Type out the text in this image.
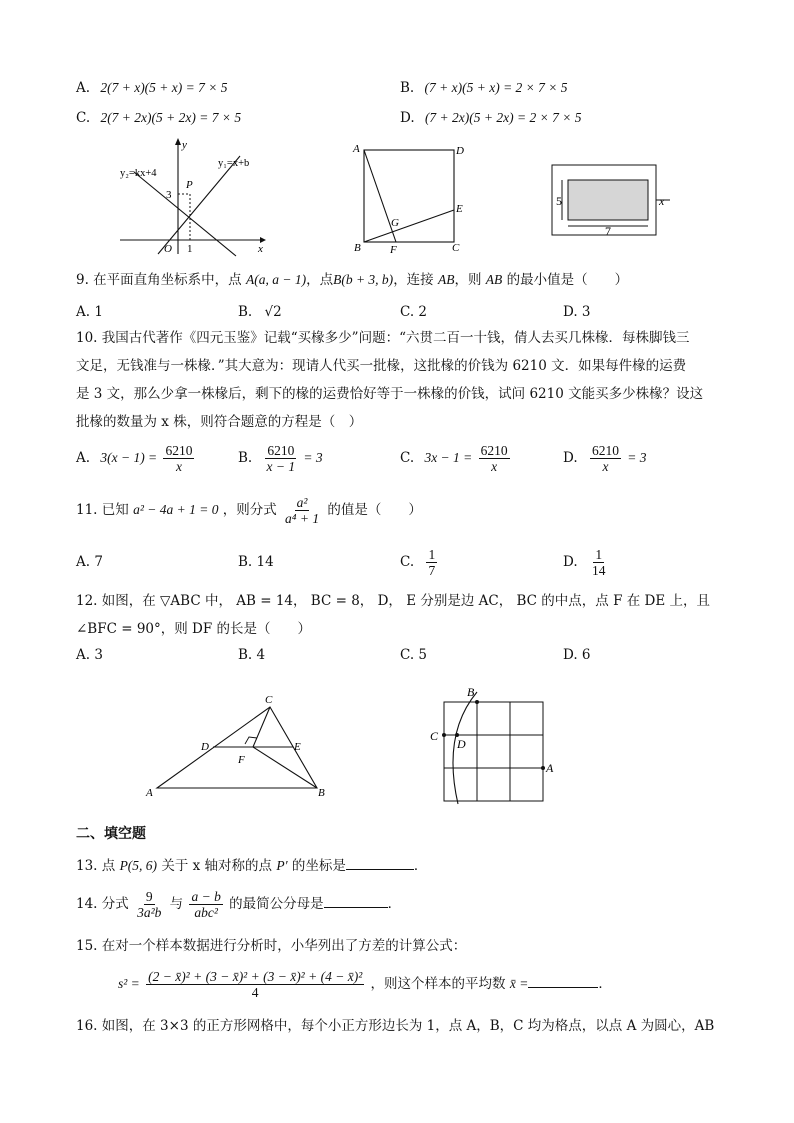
A. 2(7 + x)(5 + x) = 7 × 5	B. (7 + x)(5 + x) = 2 × 7 × 5
C. 2(7 + 2x)(5 + 2x) = 7 × 5	D. (7 + 2x)(5 + 2x) = 2 × 7 × 5
y₂=kx+4
y₁=x+b
P
3
O 1	x
y	A	D
E
G
B	F	C
5
7
x
9. 在平面直角坐标系中，点 A(a, a − 1)，点B(b + 3, b)，连接 AB，则 AB 的最小值是（　　）
A. 1	B. √2	C. 2	D. 3
10. 我国古代著作《四元玉鉴》记载“买椽多少”问题：“六贯二百一十钱，倩人去买几株椽．每株脚钱三
文足，无钱准与一株椽．”其大意为：现请人代买一批椽，这批椽的价钱为 6210 文．如果每件椽的运费
是 3 文，那么少拿一株椽后，剩下的椽的运费恰好等于一株椽的价钱，试问 6210 文能买多少株椽？设这
批椽的数量为 x 株，则符合题意的方程是（　）
A. $3(x - 1) = \frac{6210}{x}$	B. $\frac{6210}{x - 1} = 3$	C. $3x - 1 = \frac{6210}{x}$	D. $\frac{6210}{x} = 3$
11. 已知 a² − 4a + 1 = 0 ，则分式 $\frac{\text{a²}}{\text{a⁴ + 1}}$ 的值是（　　）
A. 7	B. 14	C. $\frac{1}{7}$	D. $\frac{1}{14}$
12. 如图，在 ▽ABC 中， AB = 14， BC = 8， D， E 分别是边 AC， BC 的中点，点 F 在 DE 上，且
∠BFC = 90°，则 DF 的长是（　　）
A. 3	B. 4	C. 5	D. 6
C
D	E
F
A	B
B
C
D
A
二、填空题
13. 点 P(5, 6) 关于 x 轴对称的点 P′ 的坐标是	．
14. 分式 $\frac{9}{\text{3a²b}}$ 与 $\frac{a - b}{\text{abc²}}$ 的最简公分母是	．
15. 在对一个样本数据进行分析时，小华列出了方差的计算公式：
$s^2 = \frac{\text{(2 − x̄)² + (3 − x̄)² + (3 − x̄)² + (4 − x̄)²}}{4}$ ，则这个样本的平均数 x̄ =	．
16. 如图，在 3×3 的正方形网格中，每个小正方形边长为 1，点 A，B，C 均为格点，以点 A 为圆心，AB
